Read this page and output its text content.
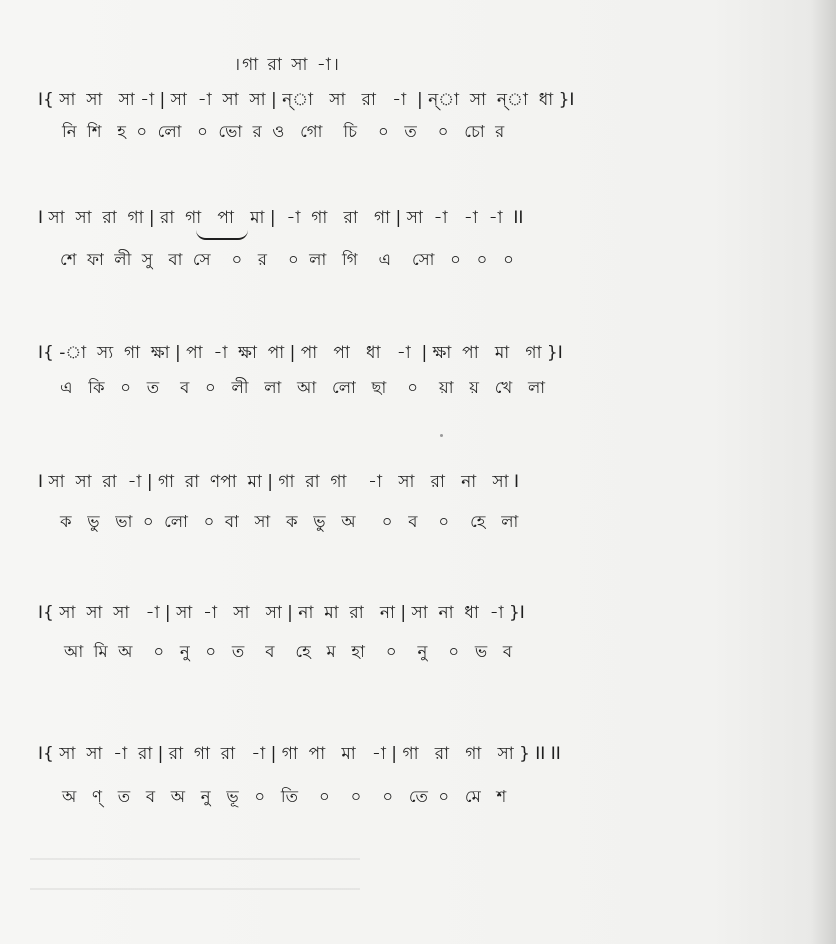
।গা রা সা -া।
I{ সা  সা   সা -া | সা  -া  সা  সা | ন্‌া   সা   রা   -া  | ন্‌া  সা  ন্‌া  ধা }I
নি  শি   হ  ০  লো   ০  ভো  র  ও   গো    চি    ০   ত    ০   চো  র
I সা  সা  রা  গা | রা  গা   পা   মা |  -া  গা   রা   গা | সা  -া   -া  -া  II
শে  ফা  লী  সু   বা  সে    ০   র    ০  লা   গি    এ    সো   ০   ০   ০
I{ -া  স্য  গা  ক্ষা | পা  -া  ক্ষা  পা | পা   পা   ধা   -া  | ক্ষা  পা   মা   গা }I
এ   কি   ০   ত    ব   ০   লী   লা   আ   লো   ছা    ০    য়া   য়   খে   লা
I সা  সা  রা  -া | গা  রা  ণপা  মা | গা  রা  গা    -া   সা   রা   না   সা I
ক   ভু   ভা  ০  লো   ০  বা   সা   ক   ভু   অ     ০   ব    ০    হে   লা
I{ সা  সা  সা   -া | সা  -া   সা   সা | না  মা  রা   না | সা  না  ধা  -া }I
আ  মি  অ    ০   নু   ০   ত    ব    হে   ম   হা    ০    নু    ০   ভ   ব
I{ সা  সা  -া  রা | রা  গা  রা   -া | গা  পা   মা   -া | গা   রা   গা   সা } II II
অ   ণ্‌   ত   ব   অ   নু   ভূ   ০   তি    ০    ০    ০   তে  ০   মে   শ
